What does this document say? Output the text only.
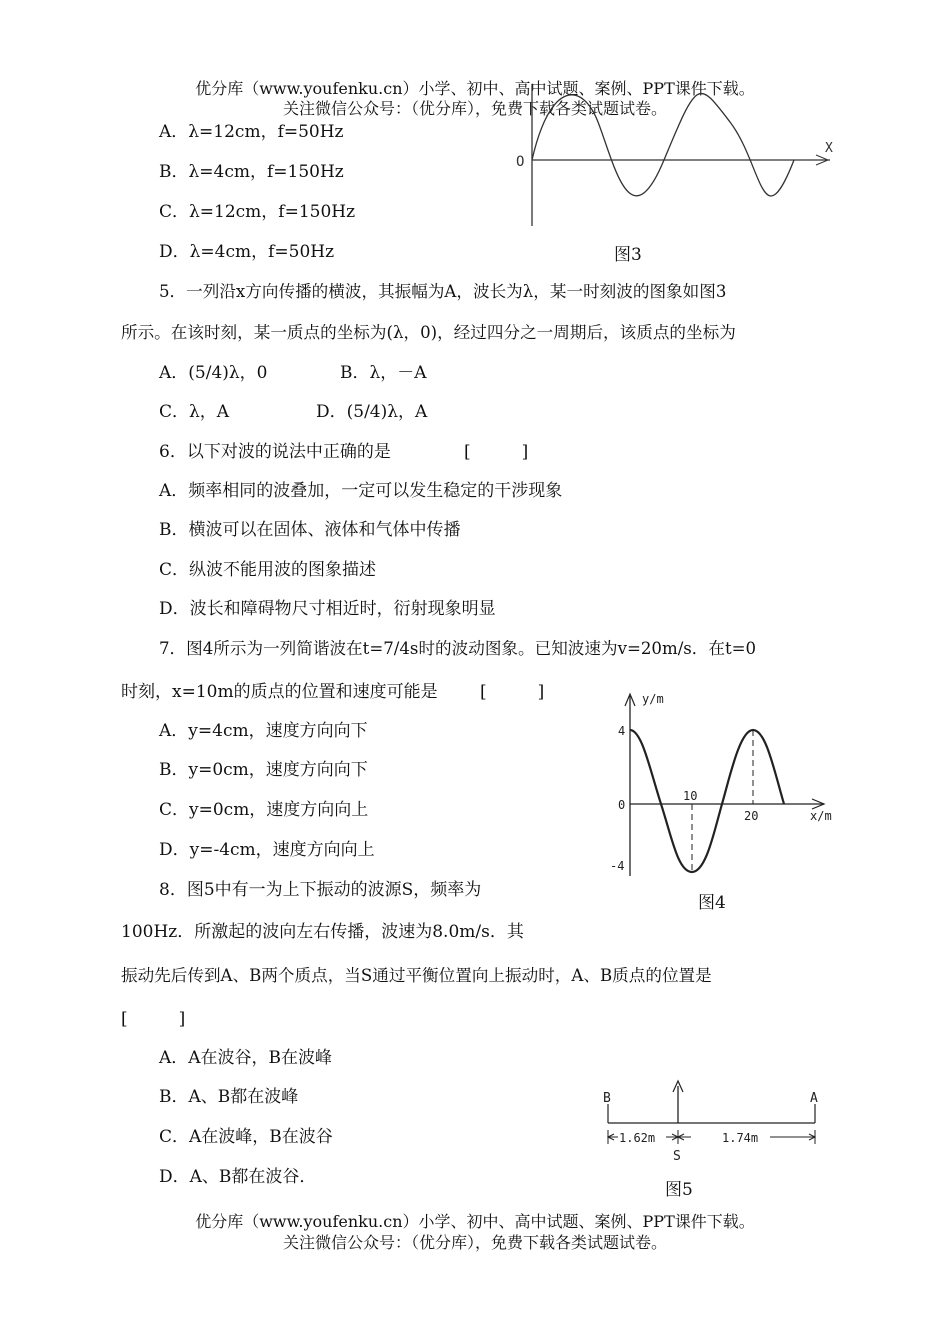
优分库（www.youfenku.cn）小学、初中、高中试题、案例、PPT课件下载。
关注微信公众号：（优分库），免费下载各类试题试卷。
X
O
A．λ=12cm，f=50Hz
B．λ=4cm，f=150Hz
C．λ=12cm，f=150Hz
D．λ=4cm，f=50Hz	图3
5．一列沿x方向传播的横波，其振幅为A，波长为λ，某一时刻波的图象如图3
所示。在该时刻，某一质点的坐标为(λ，0)，经过四分之一周期后，该质点的坐标为
A．(5/4)λ，0	B．λ，－A
C．λ，A	D．(5/4)λ，A
6．以下对波的说法中正确的是	[　　　]
A．频率相同的波叠加，一定可以发生稳定的干涉现象
B．横波可以在固体、液体和气体中传播
C．纵波不能用波的图象描述
D．波长和障碍物尺寸相近时，衍射现象明显
7．图4所示为一列简谐波在t=7/4s时的波动图象。已知波速为v=20m/s．在t=0
时刻，x=10m的质点的位置和速度可能是 [　　　]
A．y=4cm，速度方向向下
B．y=0cm，速度方向向下
C．y=0cm，速度方向向上
D．y=-4cm，速度方向向上
y/m
x/m
4
0
-4
10
20
图4
8．图5中有一为上下振动的波源S，频率为
100Hz．所激起的波向左右传播，波速为8.0m/s．其
振动先后传到A、B两个质点，当S通过平衡位置向上振动时，A、B质点的位置是
[　　　]
A．A在波谷，B在波峰
B．A、B都在波峰
C．A在波峰，B在波谷
D．A、B都在波谷．
B	A
1.62m	1.74m
S
图5
优分库（www.youfenku.cn）小学、初中、高中试题、案例、PPT课件下载。
关注微信公众号：（优分库），免费下载各类试题试卷。
